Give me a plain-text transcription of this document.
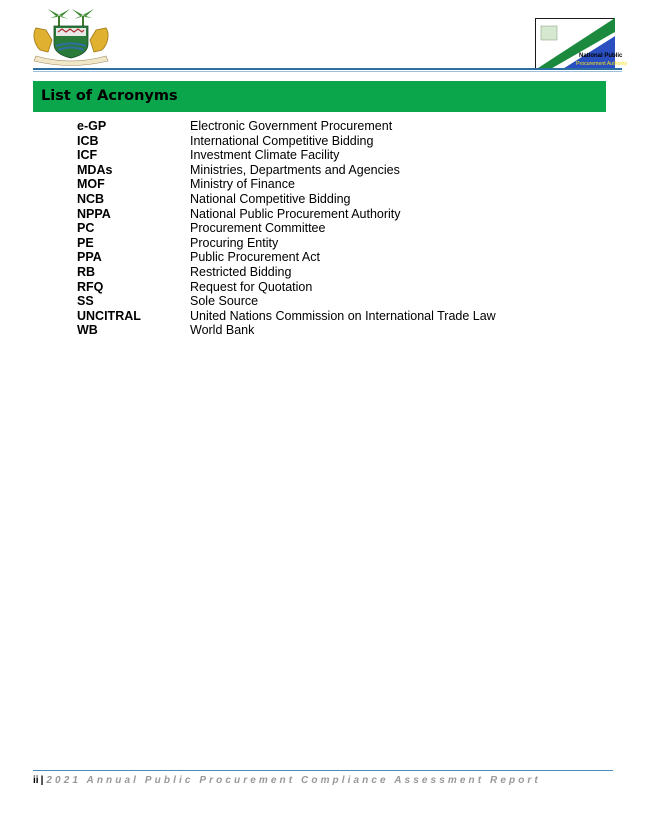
National Public
Procurement Authority
List of Acronyms
e-GP	Electronic Government Procurement
ICB	International Competitive Bidding
ICF	Investment Climate Facility
MDAs	Ministries, Departments and Agencies
MOF	Ministry of Finance
NCB	National Competitive Bidding
NPPA	National Public Procurement Authority
PC	Procurement Committee
PE	Procuring Entity
PPA	Public Procurement Act
RB	Restricted Bidding
RFQ	Request for Quotation
SS	Sole Source
UNCITRAL	United Nations Commission on International Trade Law
WB	World Bank
ii | 2021 Annual Public Procurement Compliance Assessment Report
